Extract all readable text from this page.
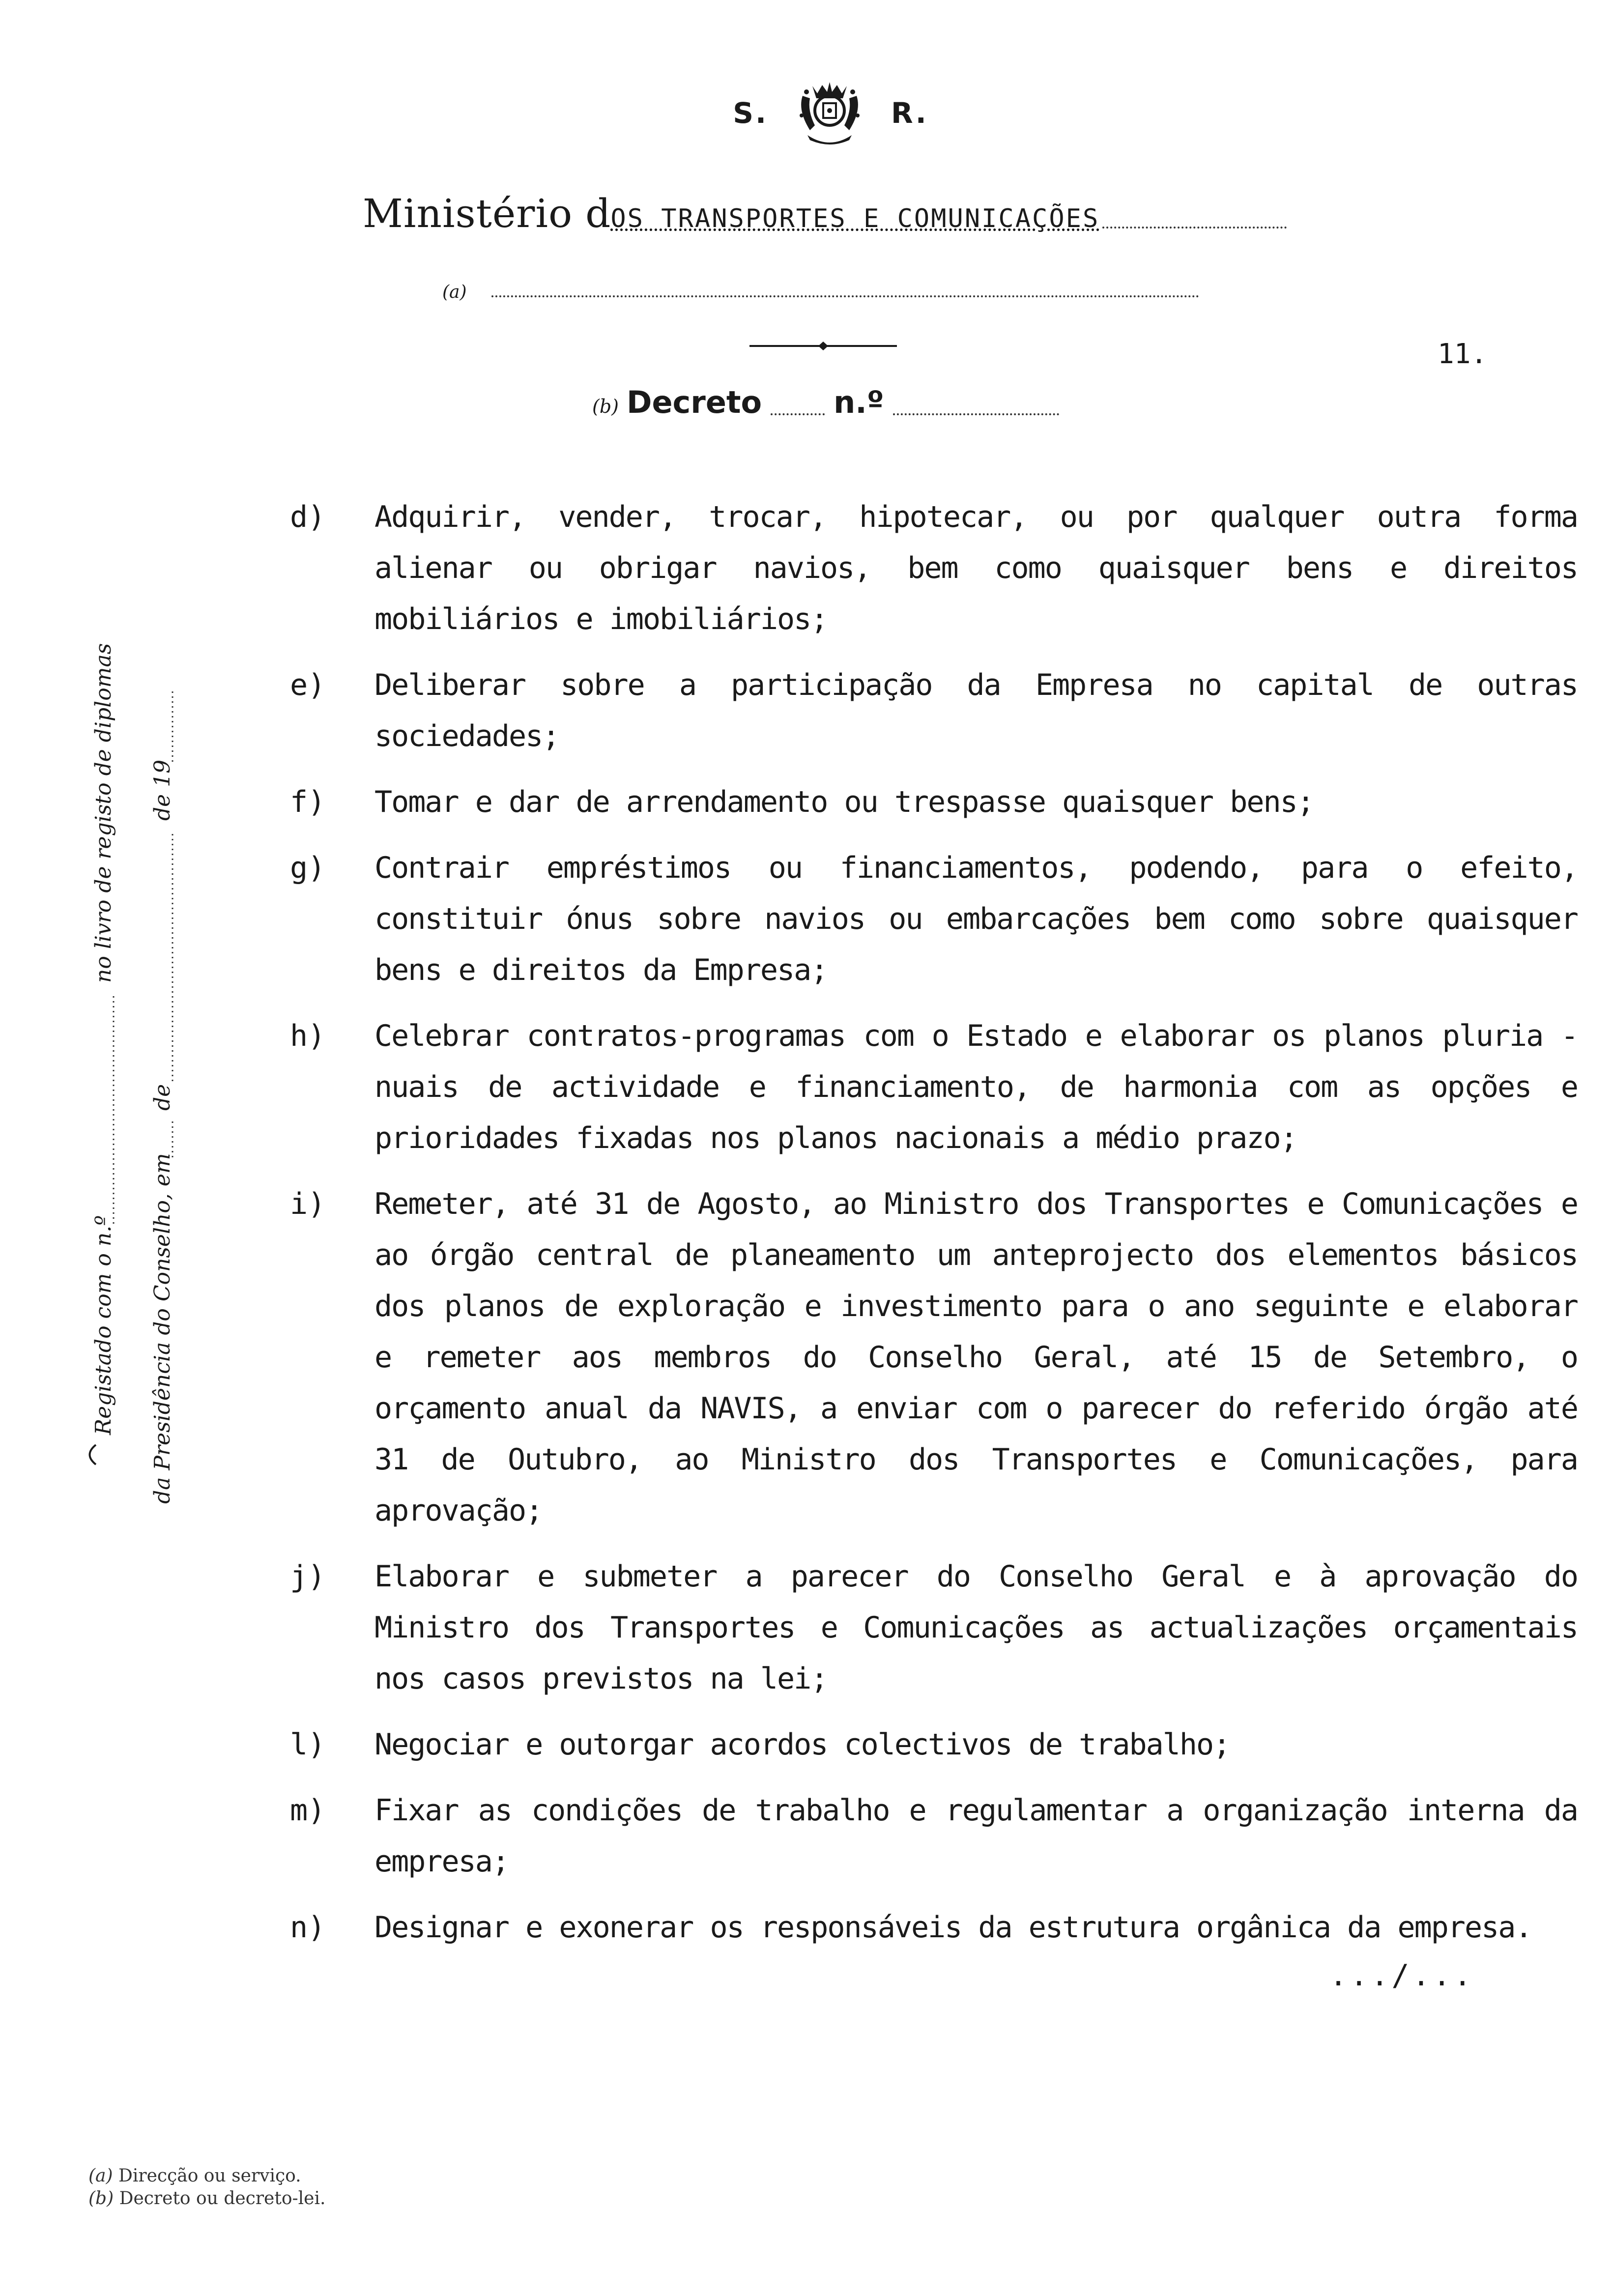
S.	R.
Ministério d OS TRANSPORTES E COMUNICAÇÕES
(a)
11.
(b) Decreto n.º
Registado com o n.º
no livro de registo de diplomas
da Presidência do Conselho, em
de
de 19
d)	Adquirir, vender, trocar, hipotecar, ou por qualquer outra forma alienar ou obrigar navios, bem como quaisquer bens e direitos mobiliários e imobiliários;
e)	Deliberar sobre a participação da Empresa no capital de outras sociedades;
f)	Tomar e dar de arrendamento ou trespasse quaisquer bens;
g)	Contrair empréstimos ou financiamentos, podendo, para o efeito, constituir ónus sobre navios ou embarcações bem como sobre quaisquer bens e direitos da Empresa;
h)	Celebrar contratos-programas com o Estado e elaborar os planos pluria - nuais de actividade e financiamento, de harmonia com as opções e prioridades fixadas nos planos nacionais a médio prazo;
i)	Remeter, até 31 de Agosto, ao Ministro dos Transportes e Comunicações e ao órgão central de planeamento um anteprojecto dos elementos básicos dos planos de exploração e investimento para o ano seguinte e elaborar e remeter aos membros do Conselho Geral, até 15 de Setembro, o orçamento anual da NAVIS, a enviar com o parecer do referido órgão até 31 de Outubro, ao Ministro dos Transportes e Comunicações, para aprovação;
j)	Elaborar e submeter a parecer do Conselho Geral e à aprovação do Ministro dos Transportes e Comunicações as actualizações orçamentais nos casos previstos na lei;
l)	Negociar e outorgar acordos colectivos de trabalho;
m)	Fixar as condições de trabalho e regulamentar a organização interna da empresa;
n)	Designar e exonerar os responsáveis da estrutura orgânica da empresa.
.../...
(a) Direcção ou serviço.
(b) Decreto ou decreto-lei.
